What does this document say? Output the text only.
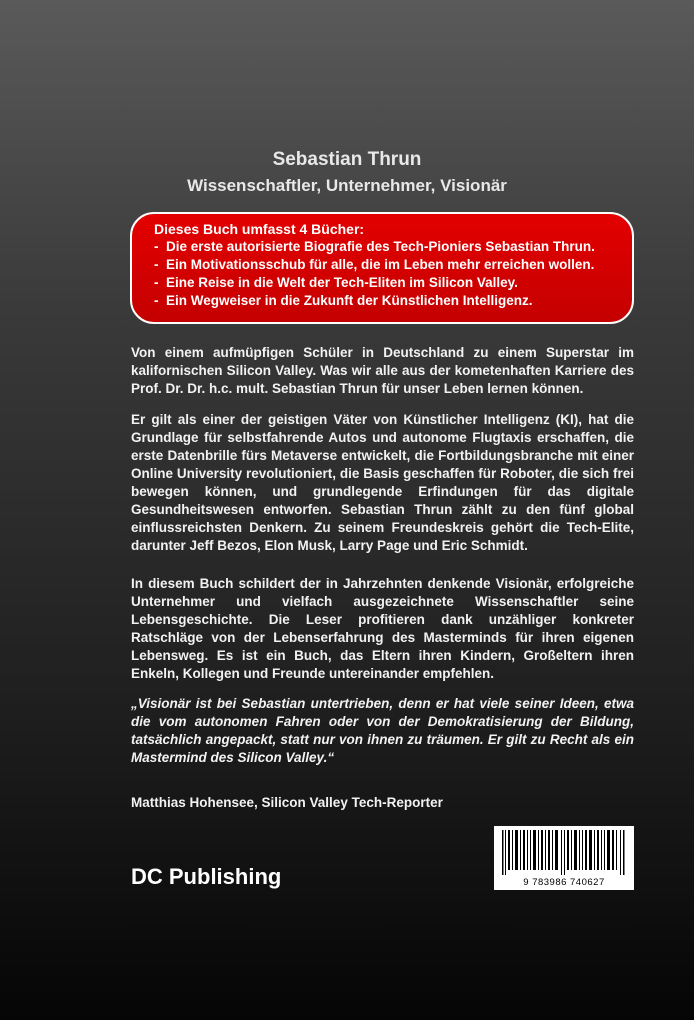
Sebastian Thrun
Wissenschaftler, Unternehmer, Visionär
Dieses Buch umfasst 4 Bücher:
- Die erste autorisierte Biografie des Tech-Pioniers Sebastian Thrun.
- Ein Motivationsschub für alle, die im Leben mehr erreichen wollen.
- Eine Reise in die Welt der Tech-Eliten im Silicon Valley.
- Ein Wegweiser in die Zukunft der Künstlichen Intelligenz.

Von einem aufmüpfigen Schüler in Deutschland zu einem Superstar im kalifornischen Silicon Valley. Was wir alle aus der kometenhaften Karriere des Prof. Dr. Dr. h.c. mult. Sebastian Thrun für unser Leben lernen können.

Er gilt als einer der geistigen Väter von Künstlicher Intelligenz (KI), hat die Grundlage für selbstfahrende Autos und autonome Flugtaxis erschaffen, die erste Datenbrille fürs Metaverse entwickelt, die Fortbildungsbranche mit einer Online University revolutioniert, die Basis geschaffen für Roboter, die sich frei bewegen können, und grundlegende Erfindungen für das digitale Gesundheitswesen entworfen. Sebastian Thrun zählt zu den fünf global einflussreichsten Denkern. Zu seinem Freundeskreis gehört die Tech-Elite, darunter Jeff Bezos, Elon Musk, Larry Page und Eric Schmidt.

In diesem Buch schildert der in Jahrzehnten denkende Visionär, erfolgreiche Unternehmer und vielfach ausgezeichnete Wissenschaftler seine Lebensgeschichte. Die Leser profitieren dank unzähliger konkreter Ratschläge von der Lebenserfahrung des Masterminds für ihren eigenen Lebensweg. Es ist ein Buch, das Eltern ihren Kindern, Großeltern ihren Enkeln, Kollegen und Freunde untereinander empfehlen.

„Visionär ist bei Sebastian untertrieben, denn er hat viele seiner Ideen, etwa die vom autonomen Fahren oder von der Demokratisierung der Bildung, tatsächlich angepackt, statt nur von ihnen zu träumen. Er gilt zu Recht als ein Mastermind des Silicon Valley.“

Matthias Hohensee, Silicon Valley Tech-Reporter

DC Publishing	9 783986 740627
